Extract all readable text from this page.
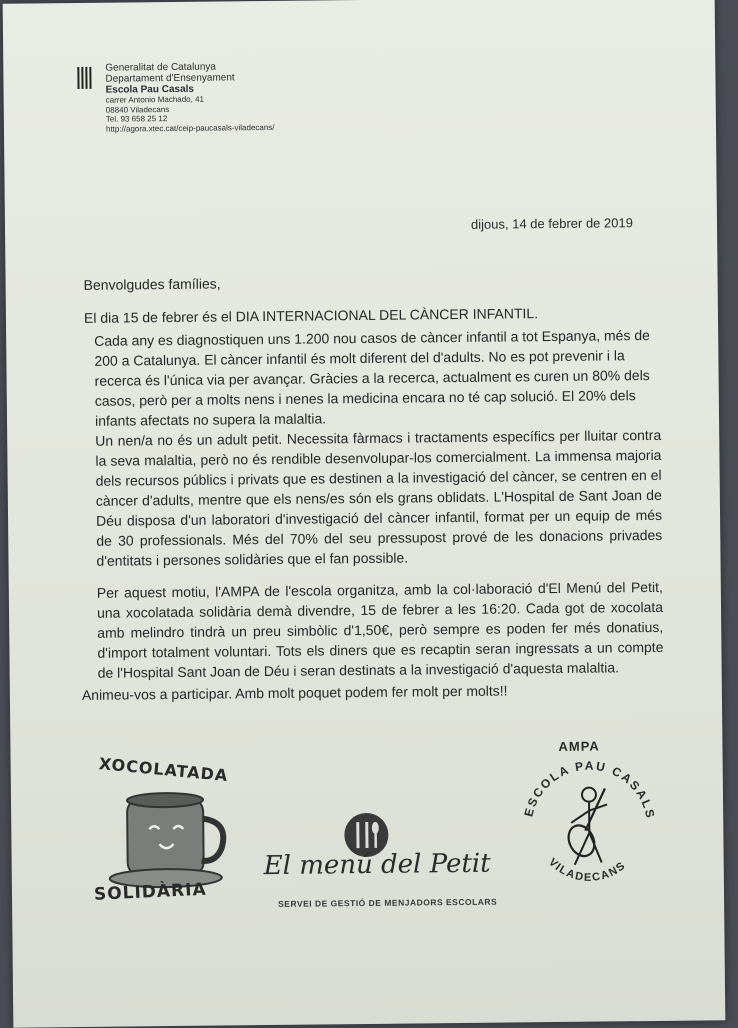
Generalitat de Catalunya
Departament d'Ensenyament
Escola Pau Casals
carrer Antonio Machado, 41
08840 Viladecans
Tel. 93 658 25 12
http://agora.xtec.cat/ceip-paucasals-viladecans/
dijous, 14 de febrer de 2019
Benvolgudes famílies,
El dia 15 de febrer és el DIA INTERNACIONAL DEL CÀNCER INFANTIL.
Cada any es diagnostiquen uns 1.200 nou casos de càncer infantil a tot Espanya, més de 200 a Catalunya. El càncer infantil és molt diferent del d'adults. No es pot prevenir i la recerca és l'única via per avançar. Gràcies a la recerca, actualment es curen un 80% dels casos, però per a molts nens i nenes la medicina encara no té cap solució. El 20% dels infants afectats no supera la malaltia.
Un nen/a no és un adult petit. Necessita fàrmacs i tractaments específics per lluitar contra la seva malaltia, però no és rendible desenvolupar-los comercialment. La immensa majoria dels recursos públics i privats que es destinen a la investigació del càncer, se centren en el càncer d'adults, mentre que els nens/es són els grans oblidats. L'Hospital de Sant Joan de Déu disposa d'un laboratori d'investigació del càncer infantil, format per un equip de més de 30 professionals. Més del 70% del seu pressupost prové de les donacions privades d'entitats i persones solidàries que el fan possible.
Per aquest motiu, l'AMPA de l'escola organitza, amb la col·laboració d'El Menú del Petit, una xocolatada solidària demà divendre, 15 de febrer a les 16:20. Cada got de xocolata amb melindro tindrà un preu simbòlic d'1,50€, però sempre es poden fer més donatius, d'import totalment voluntari. Tots els diners que es recaptin seran ingressats a un compte de l'Hospital Sant Joan de Déu i seran destinats a la investigació d'aquesta malaltia.
Animeu-vos a participar. Amb molt poquet podem fer molt per molts!!
XOCOLATADA
SOLIDÀRIA
El menú del Petit
SERVEI DE GESTIÓ DE MENJADORS ESCOLARS
AMPA
ESCOLA PAU CASALS
VILADECANS
